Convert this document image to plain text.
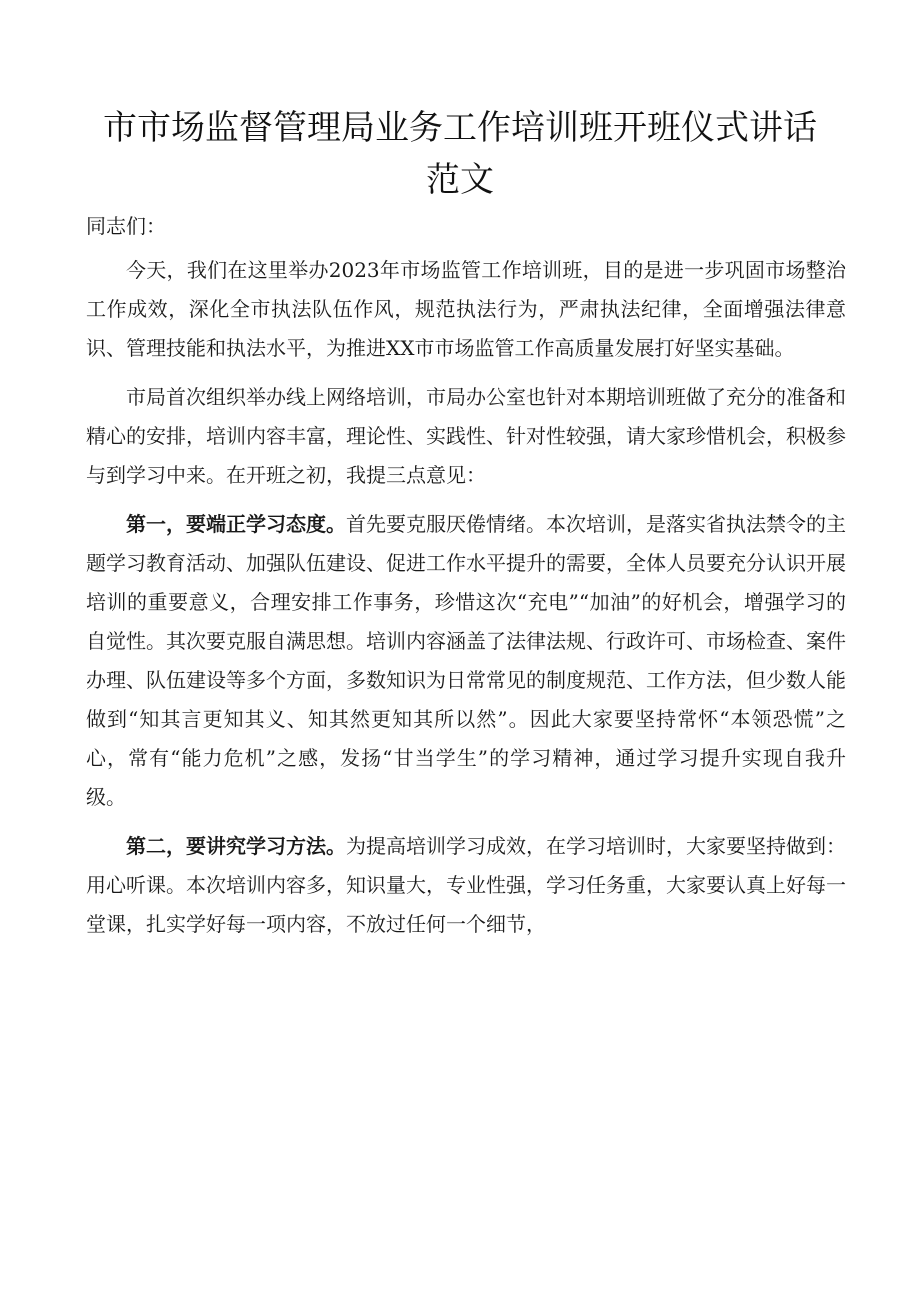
市市场监督管理局业务工作培训班开班仪式讲话
范文

同志们：

今天，我们在这里举办2023年市场监管工作培训班，目的是进一步巩固市场整治工作成效，深化全市执法队伍作风，规范执法行为，严肃执法纪律，全面增强法律意识、管理技能和执法水平，为推进XX市市场监管工作高质量发展打好坚实基础。

市局首次组织举办线上网络培训，市局办公室也针对本期培训班做了充分的准备和精心的安排，培训内容丰富，理论性、实践性、针对性较强，请大家珍惜机会，积极参与到学习中来。在开班之初，我提三点意见：

第一，要端正学习态度。首先要克服厌倦情绪。本次培训，是落实省执法禁令的主题学习教育活动、加强队伍建设、促进工作水平提升的需要，全体人员要充分认识开展培训的重要意义，合理安排工作事务，珍惜这次“充电”“加油”的好机会，增强学习的自觉性。其次要克服自满思想。培训内容涵盖了法律法规、行政许可、市场检查、案件办理、队伍建设等多个方面，多数知识为日常常见的制度规范、工作方法，但少数人能做到“知其言更知其义、知其然更知其所以然”。因此大家要坚持常怀“本领恐慌”之心，常有“能力危机”之感，发扬“甘当学生”的学习精神，通过学习提升实现自我升级。

第二，要讲究学习方法。为提高培训学习成效，在学习培训时，大家要坚持做到：用心听课。本次培训内容多，知识量大，专业性强，学习任务重，大家要认真上好每一堂课，扎实学好每一项内容，不放过任何一个细节，
